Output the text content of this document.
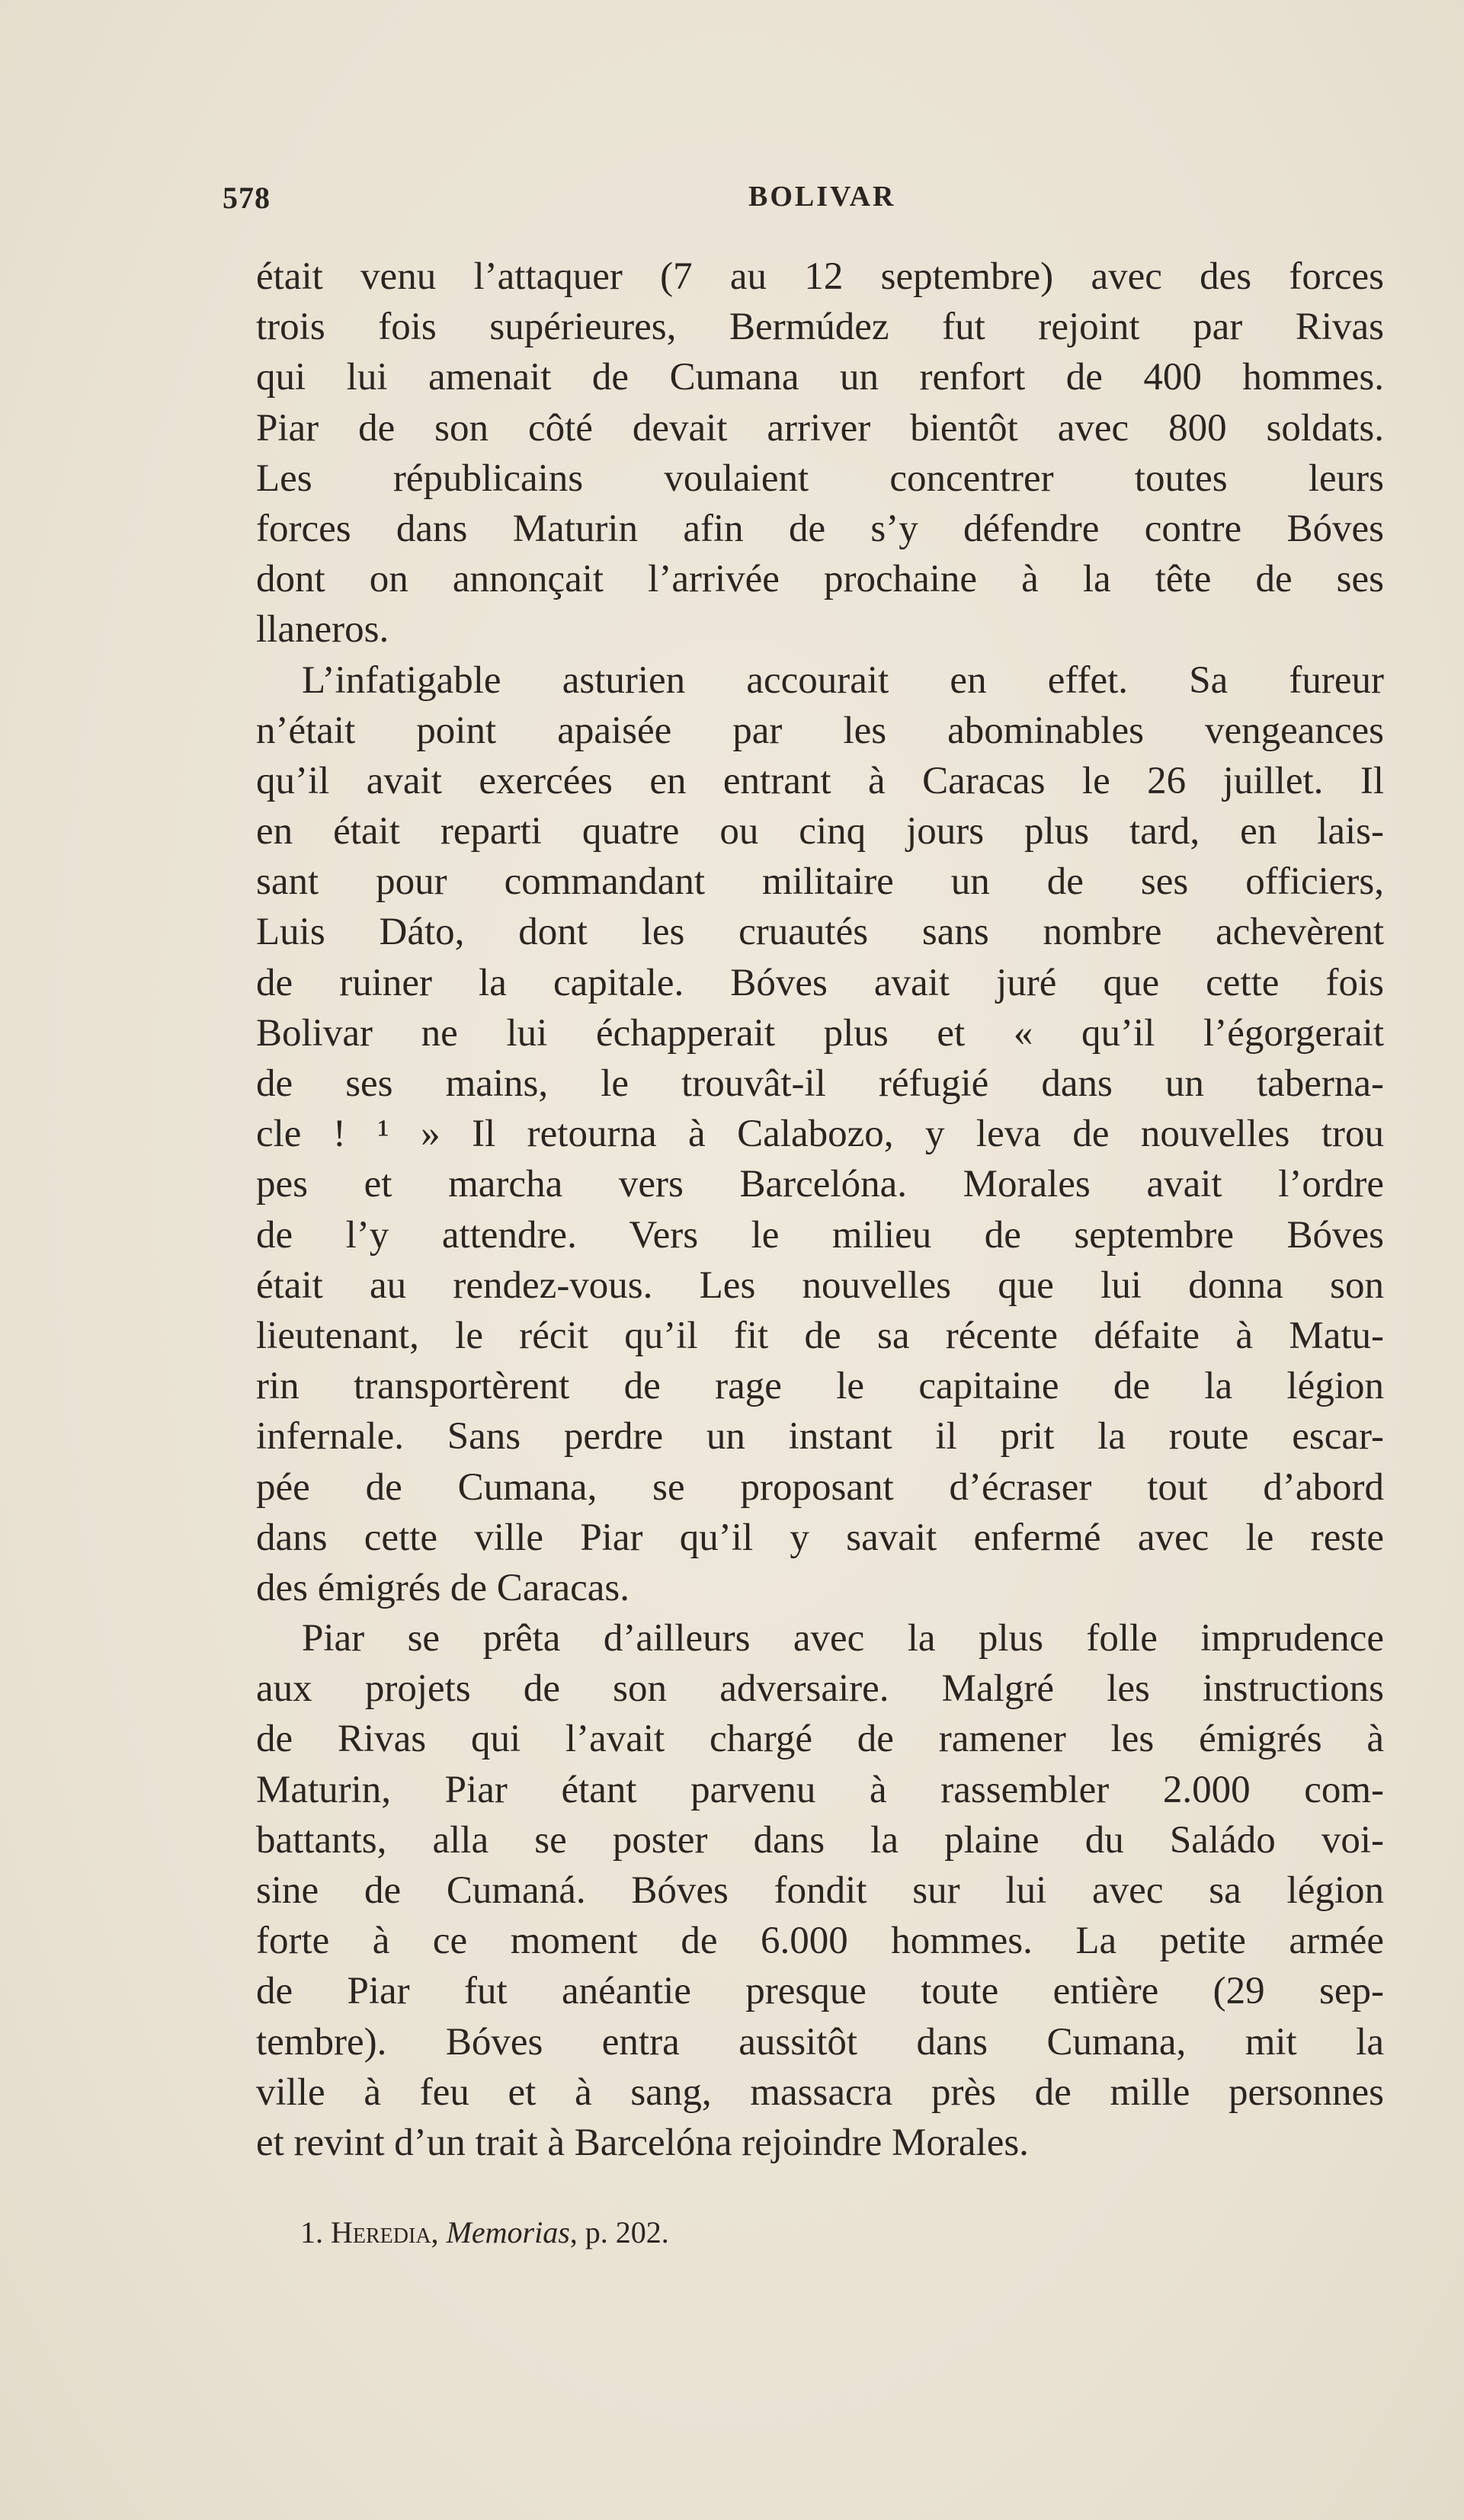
578	BOLIVAR
était venu l’attaquer (7 au 12 septembre) avec des forces
trois fois supérieures, Bermúdez fut rejoint par Rivas
qui lui amenait de Cumana un renfort de 400 hommes.
Piar de son côté devait arriver bientôt avec 800 soldats.
Les républicains voulaient concentrer toutes leurs
forces dans Maturin afin de s’y défendre contre Bóves
dont on annonçait l’arrivée prochaine à la tête de ses
llaneros.
L’infatigable asturien accourait en effet. Sa fureur
n’était point apaisée par les abominables vengeances
qu’il avait exercées en entrant à Caracas le 26 juillet. Il
en était reparti quatre ou cinq jours plus tard, en lais-
sant pour commandant militaire un de ses officiers,
Luis Dáto, dont les cruautés sans nombre achevèrent
de ruiner la capitale. Bóves avait juré que cette fois
Bolivar ne lui échapperait plus et « qu’il l’égorgerait
de ses mains, le trouvât-il réfugié dans un taberna-
cle ! ¹ » Il retourna à Calabozo, y leva de nouvelles trou
pes et marcha vers Barcelóna. Morales avait l’ordre
de l’y attendre. Vers le milieu de septembre Bóves
était au rendez-vous. Les nouvelles que lui donna son
lieutenant, le récit qu’il fit de sa récente défaite à Matu-
rin transportèrent de rage le capitaine de la légion
infernale. Sans perdre un instant il prit la route escar-
pée de Cumana, se proposant d’écraser tout d’abord
dans cette ville Piar qu’il y savait enfermé avec le reste
des émigrés de Caracas.
Piar se prêta d’ailleurs avec la plus folle imprudence
aux projets de son adversaire. Malgré les instructions
de Rivas qui l’avait chargé de ramener les émigrés à
Maturin, Piar étant parvenu à rassembler 2.000 com-
battants, alla se poster dans la plaine du Saládo voi-
sine de Cumaná. Bóves fondit sur lui avec sa légion
forte à ce moment de 6.000 hommes. La petite armée
de Piar fut anéantie presque toute entière (29 sep-
tembre). Bóves entra aussitôt dans Cumana, mit la
ville à feu et à sang, massacra près de mille personnes
et revint d’un trait à Barcelóna rejoindre Morales.
1. Heredia, Memorias, p. 202.
